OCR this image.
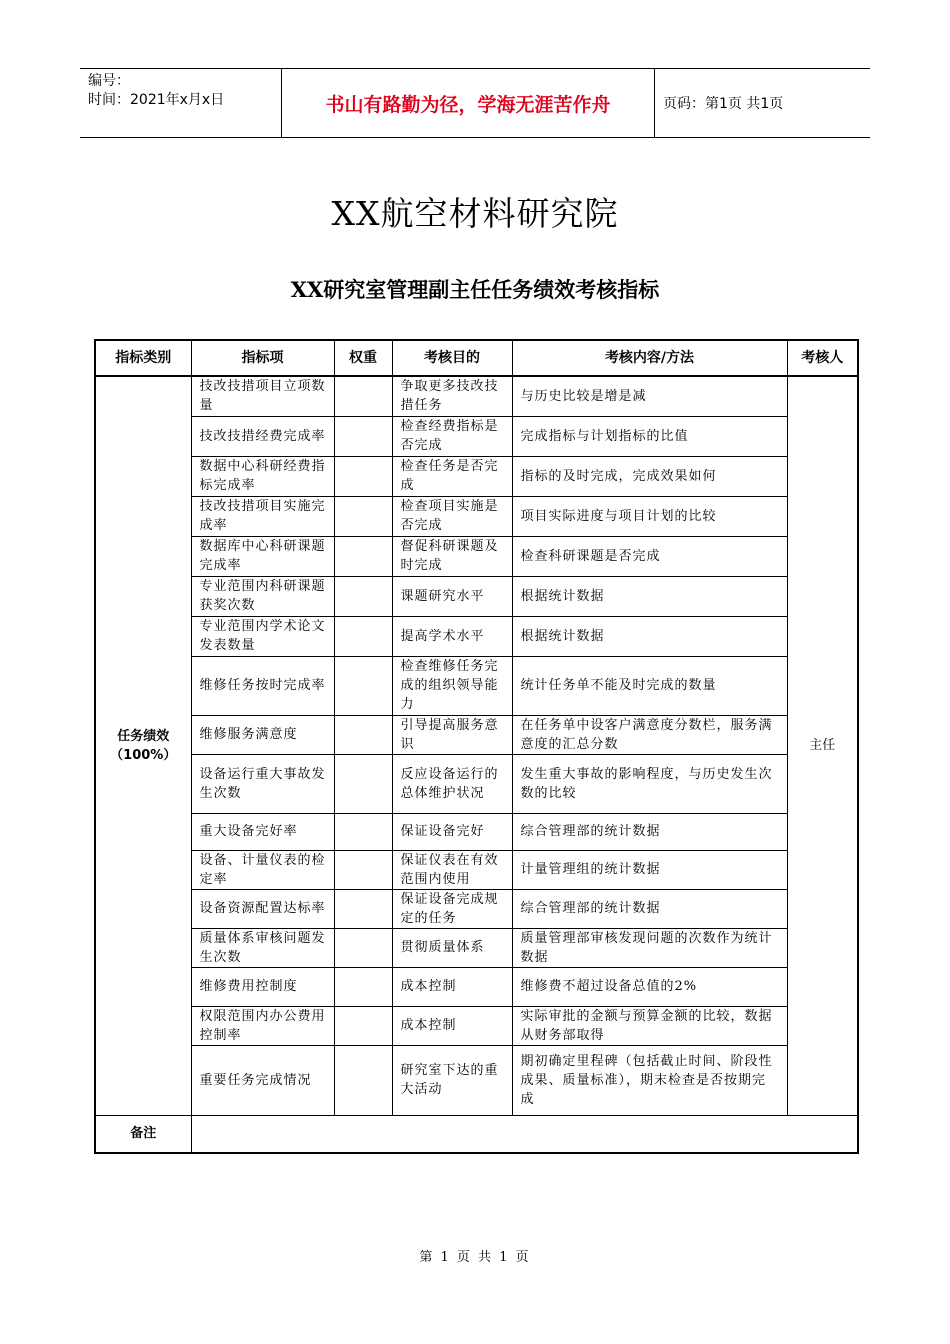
编号：
时间：2021年x月x日	书山有路勤为径，学海无涯苦作舟	页码：第1页 共1页
XX航空材料研究院
XX研究室管理副主任任务绩效考核指标
指标类别	指标项	权重	考核目的	考核内容/方法	考核人

任务绩效
（100%）	技改技措项目立项数量		争取更多技改技措任务	与历史比较是增是减	主任
	技改技措经费完成率		检查经费指标是否完成	完成指标与计划指标的比值	
	数据中心科研经费指标完成率		检查任务是否完成	指标的及时完成，完成效果如何	
	技改技措项目实施完成率		检查项目实施是否完成	项目实际进度与项目计划的比较	
	数据库中心科研课题完成率		督促科研课题及时完成	检查科研课题是否完成	
	专业范围内科研课题获奖次数		课题研究水平	根据统计数据	
	专业范围内学术论文发表数量		提高学术水平	根据统计数据	
	维修任务按时完成率		检查维修任务完成的组织领导能力	统计任务单不能及时完成的数量	
	维修服务满意度		引导提高服务意识	在任务单中设客户满意度分数栏，服务满意度的汇总分数	
	设备运行重大事故发生次数		反应设备运行的总体维护状况	发生重大事故的影响程度，与历史发生次数的比较	
	重大设备完好率		保证设备完好	综合管理部的统计数据	
	设备、计量仪表的检定率		保证仪表在有效范围内使用	计量管理组的统计数据	
	设备资源配置达标率		保证设备完成规定的任务	综合管理部的统计数据	
	质量体系审核问题发生次数		贯彻质量体系	质量管理部审核发现问题的次数作为统计数据	
	维修费用控制度		成本控制	维修费不超过设备总值的2%	
	权限范围内办公费用控制率		成本控制	实际审批的金额与预算金额的比较，数据从财务部取得	
	重要任务完成情况		研究室下达的重大活动	期初确定里程碑（包括截止时间、阶段性成果、质量标准），期末检查是否按期完成	
备注					
第 1 页 共 1 页
